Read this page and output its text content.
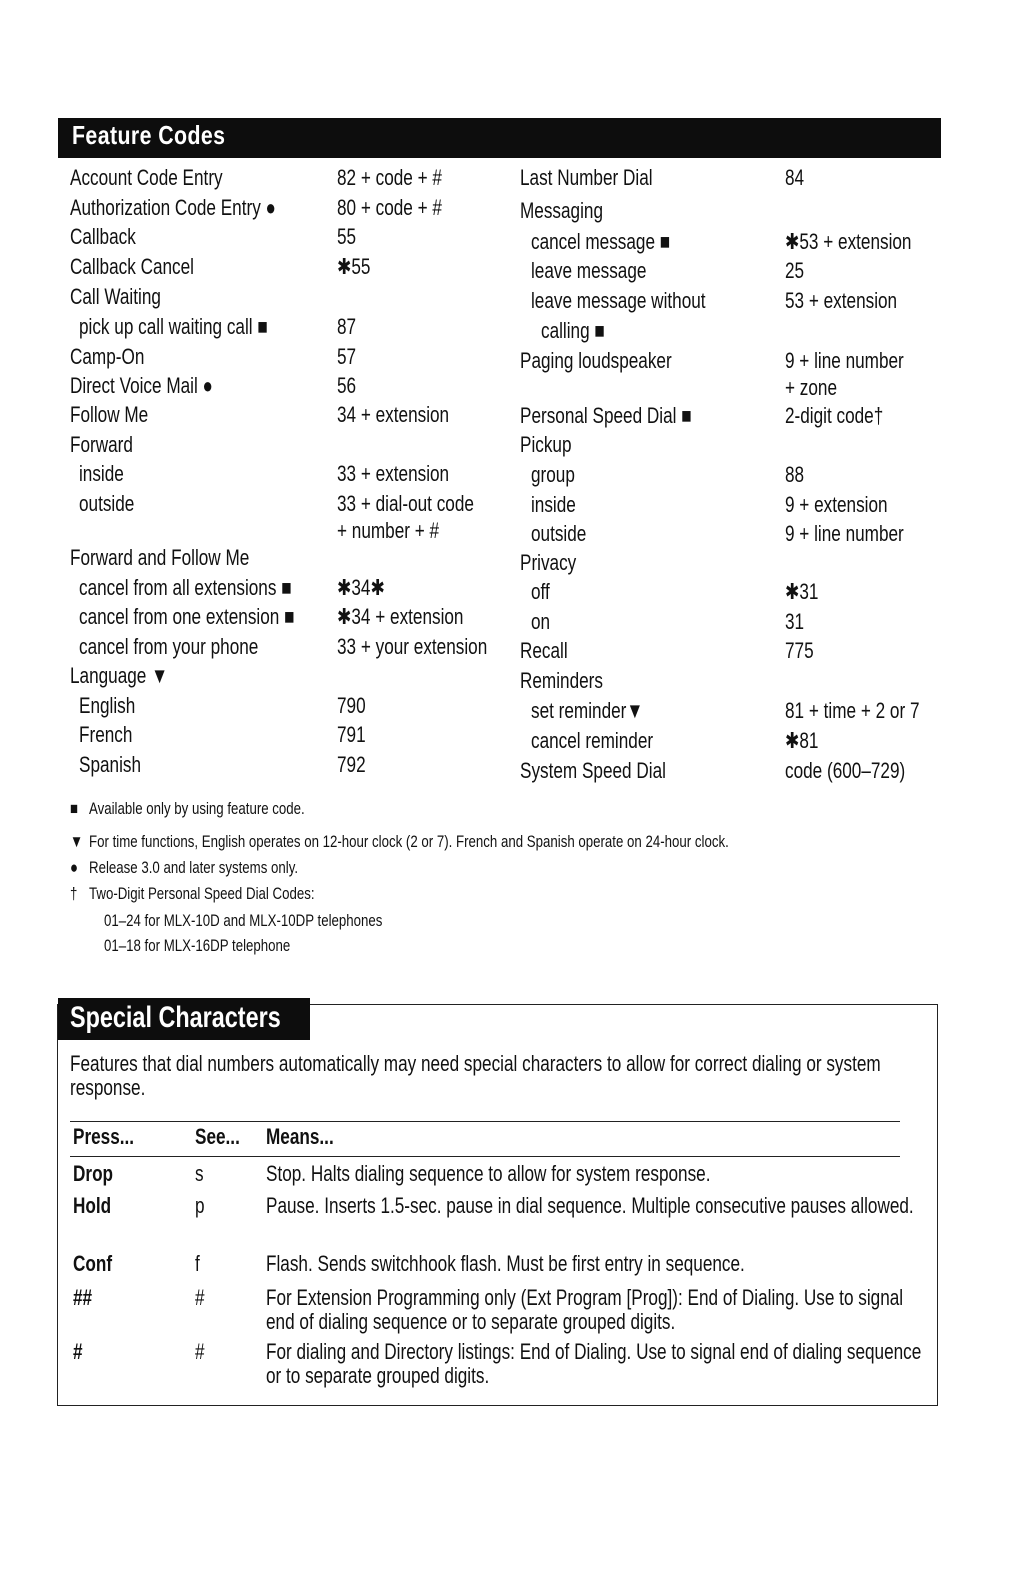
Feature Codes
Account Code Entry	82 + code + #
Authorization Code Entry ●	80 + code + #
Callback	55
Callback Cancel	✱55
Call Waiting
pick up call waiting call ■	87
Camp-On	57
Direct Voice Mail ●	56
Follow Me	34 + extension
Forward
inside	33 + extension
outside	33 + dial-out code
+ number + #
Forward and Follow Me
cancel from all extensions ■ ✱34✱
cancel from one extension ■ ✱34 + extension
cancel from your phone	33 + your extension
Language ▼
English	790
French	791
Spanish	792
Last Number Dial	84
Messaging
cancel message ■	✱53 + extension
leave message	25
leave message without	53 + extension
calling ■
Paging loudspeaker	9 + line number
+ zone
Personal Speed Dial ■	2-digit code†
Pickup
group	88
inside	9 + extension
outside	9 + line number
Privacy
off	✱31
on	31
Recall	775
Reminders
set reminder▼	81 + time + 2 or 7
cancel reminder	✱81
System Speed Dial	code (600–729)
■ Available only by using feature code.
▼ For time functions, English operates on 12-hour clock (2 or 7). French and Spanish operate on 24-hour clock.
● Release 3.0 and later systems only.
† Two-Digit Personal Speed Dial Codes:
01–24 for MLX-10D and MLX-10DP telephones
01–18 for MLX-16DP telephone
Special Characters
Features that dial numbers automatically may need special characters to allow for correct dialing or system response.
Press...	See... Means...
Drop	s	Stop. Halts dialing sequence to allow for system response.
Hold	p	Pause. Inserts 1.5-sec. pause in dial sequence. Multiple consecutive pauses allowed.
Conf	f	Flash. Sends switchhook flash. Must be first entry in sequence.
##	#	For Extension Programming only (Ext Program [Prog]): End of Dialing. Use to signal end of dialing sequence or to separate grouped digits.
#	#	For dialing and Directory listings: End of Dialing. Use to signal end of dialing sequence or to separate grouped digits.
